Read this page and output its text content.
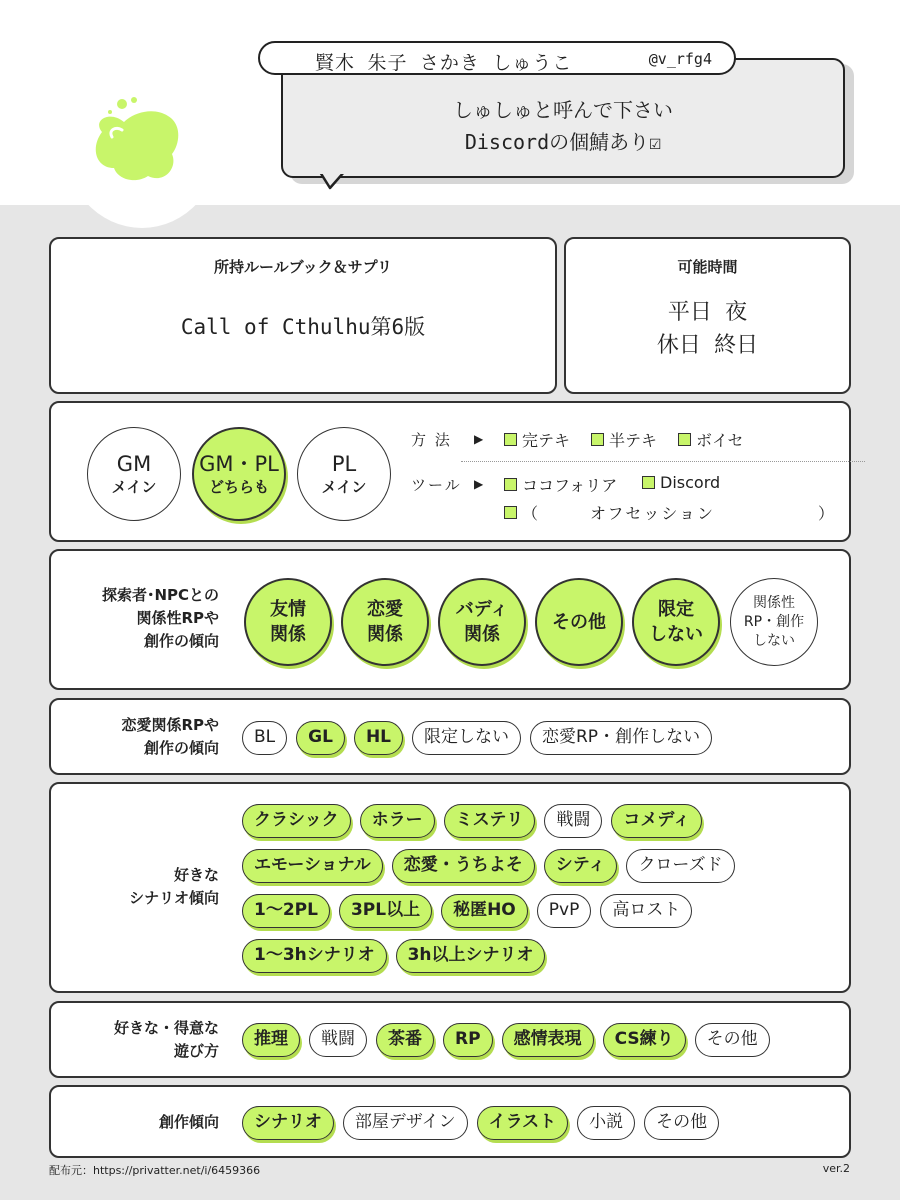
しゅしゅと呼んで下さい
Discordの個鯖あり☑
賢木 朱子 さかき しゅうこ	@v_rfg4
所持ルールブック＆サプリ
Call of Cthulhu第6版
可能時間
平日 夜
休日 終日
GM
メイン
GM・PL
どちらも
PL
メイン
方 法 ▶ 完テキ 半テキ ボイセ
ツール ▶ ココフォリア	Discord
（	オフセッション	）
探索者･NPCとの
関係性RPや
創作の傾向
友情
関係
恋愛
関係
バディ
関係
その他
限定
しない
関係性
RP・創作
しない
恋愛関係RPや
創作の傾向
BL	GL	HL	限定しない	恋愛RP・創作しない
好きな
シナリオ傾向
クラシック	ホラー	ミステリ	戦闘	コメディ
エモーショナル	恋愛・うちよそ	シティ	クローズド
1〜2PL	3PL以上	秘匿HO	PvP	高ロスト
1〜3hシナリオ	3h以上シナリオ
好きな・得意な
遊び方
推理	戦闘	茶番	RP	感情表現	CS練り	その他
創作傾向	シナリオ	部屋デザイン	イラスト	小説	その他
配布元：https://privatter.net/i/6459366	ver.2
